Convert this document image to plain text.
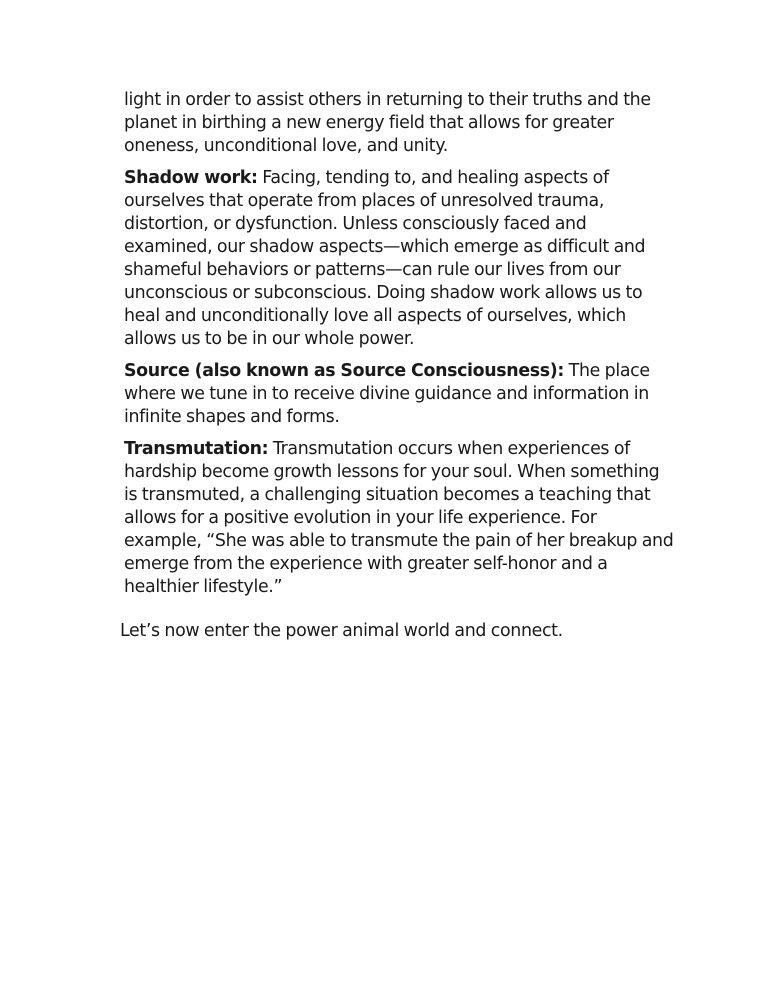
light in order to assist others in returning to their truths and the planet in birthing a new energy field that allows for greater oneness, unconditional love, and unity.

Shadow work: Facing, tending to, and healing aspects of ourselves that operate from places of unresolved trauma, distortion, or dysfunction. Unless consciously faced and examined, our shadow aspects—which emerge as difficult and shameful behaviors or patterns—can rule our lives from our unconscious or subconscious. Doing shadow work allows us to heal and unconditionally love all aspects of ourselves, which allows us to be in our whole power.

Source (also known as Source Consciousness): The place where we tune in to receive divine guidance and information in infinite shapes and forms.

Transmutation: Transmutation occurs when experiences of hardship become growth lessons for your soul. When something is transmuted, a challenging situation becomes a teaching that allows for a positive evolution in your life experience. For example, “She was able to transmute the pain of her breakup and emerge from the experience with greater self-honor and a healthier lifestyle.”

Let’s now enter the power animal world and connect.
